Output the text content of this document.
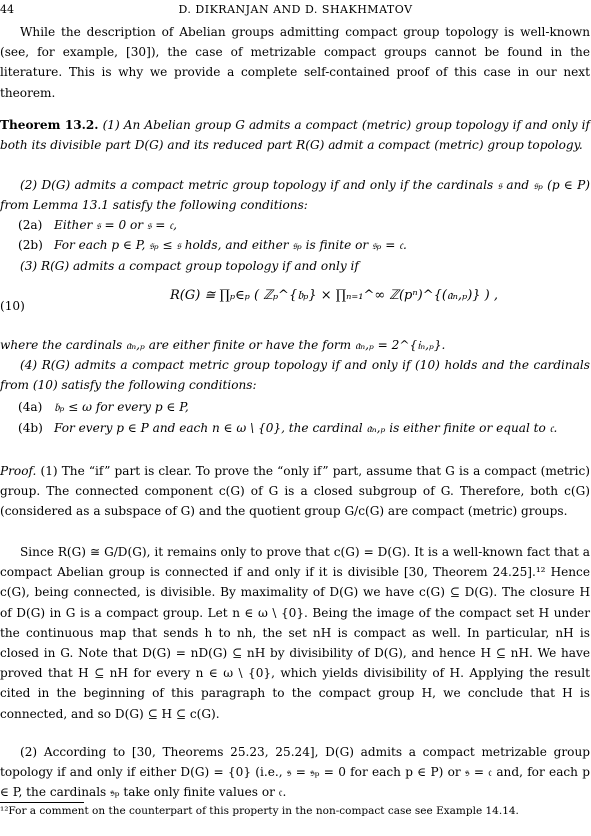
44	D. DIKRANJAN AND D. SHAKHMATOV
While the description of Abelian groups admitting compact group topology is well-known (see, for example, [30]), the case of metrizable compact groups cannot be found in the literature. This is why we provide a complete self-contained proof of this case in our next theorem.
Theorem 13.2. (1) An Abelian group G admits a compact (metric) group topology if and only if both its divisible part D(G) and its reduced part R(G) admit a compact (metric) group topology.
(2) D(G) admits a compact metric group topology if and only if the cardinals 𝔰 and 𝔰ₚ (p ∈ P) from Lemma 13.1 satisfy the following conditions:
(2a) Either 𝔰 = 0 or 𝔰 = 𝔠,
(2b) For each p ∈ P, 𝔰ₚ ≤ 𝔰 holds, and either 𝔰ₚ is finite or 𝔰ₚ = 𝔠.
(3) R(G) admits a compact group topology if and only if
(10)
R(G) ≅ ∏ₚ∈ₚ ( ℤₚ^{𝔟ₚ} × ∏ₙ₌₁^∞ ℤ(pⁿ)^{(𝔞ₙ,ₚ)} ) ,
where the cardinals 𝔞ₙ,ₚ are either finite or have the form 𝔞ₙ,ₚ = 2^{𝔦ₙ,ₚ}.
(4) R(G) admits a compact metric group topology if and only if (10) holds and the cardinals from (10) satisfy the following conditions:
(4a) 𝔟ₚ ≤ ω for every p ∈ P,
(4b) For every p ∈ P and each n ∈ ω \ {0}, the cardinal 𝔞ₙ,ₚ is either finite or equal to 𝔠.
Proof. (1) The “if” part is clear. To prove the “only if” part, assume that G is a compact (metric) group. The connected component c(G) of G is a closed subgroup of G. Therefore, both c(G) (considered as a subspace of G) and the quotient group G/c(G) are compact (metric) groups.
Since R(G) ≅ G/D(G), it remains only to prove that c(G) = D(G). It is a well-known fact that a compact Abelian group is connected if and only if it is divisible [30, Theorem 24.25].¹² Hence c(G), being connected, is divisible. By maximality of D(G) we have c(G) ⊆ D(G). The closure H of D(G) in G is a compact group. Let n ∈ ω \ {0}. Being the image of the compact set H under the continuous map that sends h to nh, the set nH is compact as well. In particular, nH is closed in G. Note that D(G) = nD(G) ⊆ nH by divisibility of D(G), and hence H ⊆ nH. We have proved that H ⊆ nH for every n ∈ ω \ {0}, which yields divisibility of H. Applying the result cited in the beginning of this paragraph to the compact group H, we conclude that H is connected, and so D(G) ⊆ H ⊆ c(G).
(2) According to [30, Theorems 25.23, 25.24], D(G) admits a compact metrizable group topology if and only if either D(G) = {0} (i.e., 𝔰 = 𝔰ₚ = 0 for each p ∈ P) or 𝔰 = 𝔠 and, for each p ∈ P, the cardinals 𝔰ₚ take only finite values or 𝔠.
¹²For a comment on the counterpart of this property in the non-compact case see Example 14.14.
